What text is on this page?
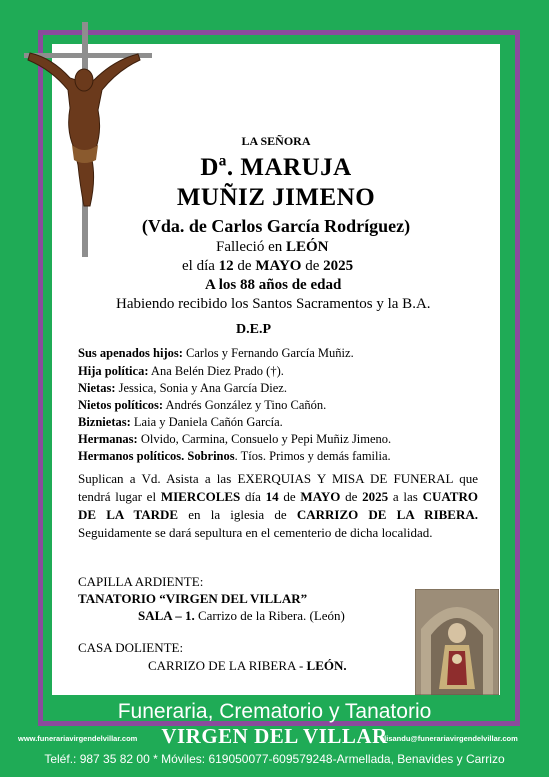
LA SEÑORA
Dª. MARUJA
MUÑIZ JIMENO
(Vda. de Carlos García Rodríguez)
Falleció en LEÓN
el día 12 de MAYO de 2025
A los 88 años de edad
Habiendo recibido los Santos Sacramentos y la B.A.
D.E.P
Sus apenados hijos: Carlos y Fernando García Muñiz.
Hija política: Ana Belén Diez Prado (†).
Nietas: Jessica, Sonia y Ana García Diez.
Nietos políticos: Andrés González y Tino Cañón.
Biznietas: Laia y Daniela Cañón García.
Hermanas: Olvido, Carmina, Consuelo y Pepi Muñiz Jimeno.
Hermanos políticos. Sobrinos. Tíos. Primos y demás familia.
Suplican a Vd. Asista a las EXERQUIAS Y MISA DE FUNERAL que tendrá lugar el MIERCOLES día 14 de MAYO de 2025 a las CUATRO DE LA TARDE en la iglesia de CARRIZO DE LA RIBERA. Seguidamente se dará sepultura en el cementerio de dicha localidad.
CAPILLA ARDIENTE:
TANATORIO “VIRGEN DEL VILLAR”
SALA – 1. Carrizo de la Ribera. (León)
CASA DOLIENTE:
CARRIZO DE LA RIBERA - LEÓN.
Funeraria, Crematorio y Tanatorio
www.funerariavirgendelvillar.com	VIRGEN DEL VILLAR
elisandu@funerariavirgendelvillar.com
Teléf.: 987 35 82 00 * Móviles: 619050077-609579248-Armellada, Benavides y Carrizo
